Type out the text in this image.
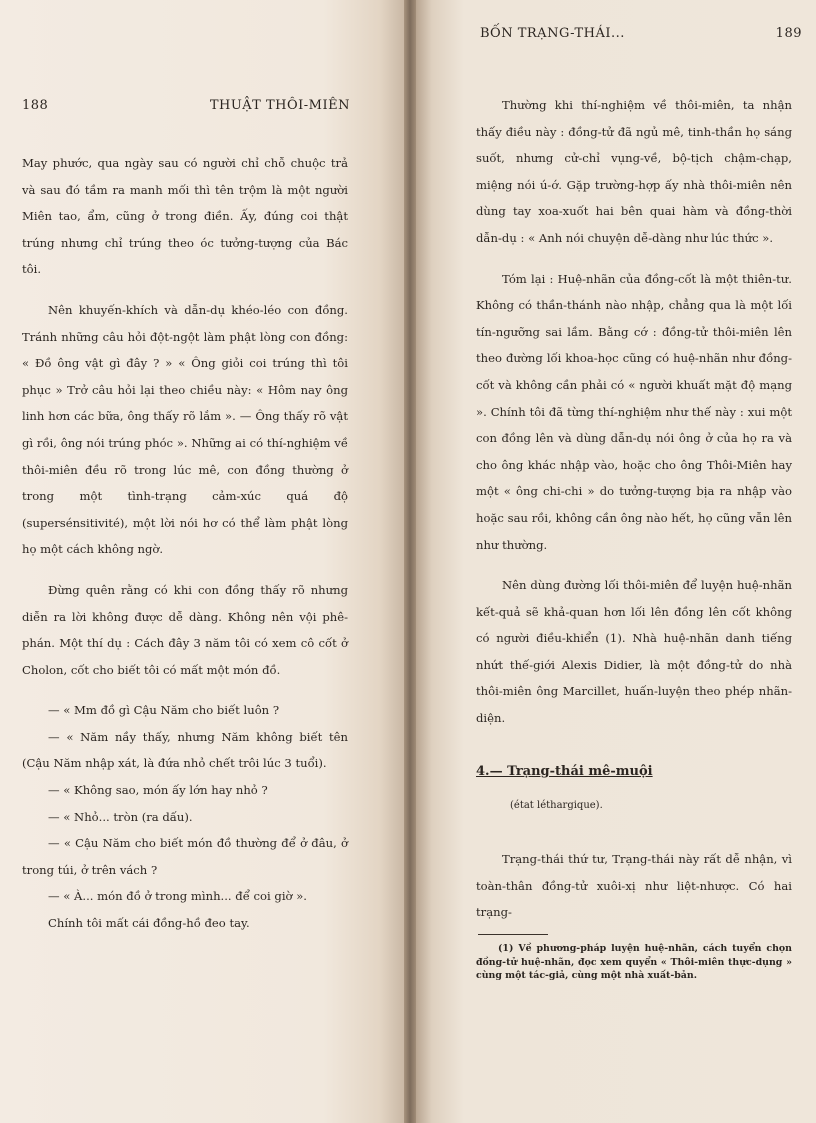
188	THUẬT THÔI-MIÊN

May phước, qua ngày sau có người chỉ chỗ chuộc trả và sau đó tầm ra manh mối thì tên trộm là một người Miên tao, ẩm, cũng ở trong điền. Ấy, đúng coi thật trúng nhưng chỉ trúng theo óc tưởng-tượng của Bác tôi.

Nên khuyến-khích và dẫn-dụ khéo-léo con đồng. Tránh những câu hỏi đột-ngột làm phật lòng con đồng: « Đồ ông vật gì đây ? » « Ông giỏi coi trúng thì tôi phục » Trở câu hỏi lại theo chiều này: « Hôm nay ông linh hơn các bữa, ông thấy rõ lắm ». — Ông thấy rõ vật gì rồi, ông nói trúng phóc ». Những ai có thí-nghiệm về thôi-miên đều rõ trong lúc mê, con đồng thường ở trong một tình-trạng cảm-xúc quá độ (supersénsitivité), một lời nói hơ có thể làm phật lòng họ một cách không ngờ.

Đừng quên rằng có khi con đồng thấy rõ nhưng diễn ra lời không được dễ dàng. Không nên vội phê-phán. Một thí dụ : Cách đây 3 năm tôi có xem cô cốt ở Cholon, cốt cho biết tôi có mất một món đồ.

— « Mm đồ gì Cậu Năm cho biết luôn ?

— « Năm nầy thấy, nhưng Năm không biết tên (Cậu Năm nhập xát, là đứa nhỏ chết trôi lúc 3 tuổi).

— « Không sao, món ấy lớn hay nhỏ ?

— « Nhỏ... tròn (ra dấu).

— « Cậu Năm cho biết món đồ thường để ở đâu, ở trong túi, ở trên vách ?

— « À... món đồ ở trong mình... để coi giờ ».

Chính tôi mất cái đồng-hồ đeo tay.

BỐN TRẠNG-THÁI...	189

Thường khi thí-nghiệm về thôi-miên, ta nhận thấy điều này : đồng-tử đã ngủ mê, tinh-thần họ sáng suốt, nhưng cử-chỉ vụng-về, bộ-tịch chậm-chạp, miệng nói ú-ớ. Gặp trường-hợp ấy nhà thôi-miên nên dùng tay xoa-xuốt hai bên quai hàm và đồng-thời dẫn-dụ : « Anh nói chuyện dễ-dàng như lúc thức ».

Tóm lại : Huệ-nhãn của đồng-cốt là một thiên-tư. Không có thần-thánh nào nhập, chẳng qua là một lối tín-ngưỡng sai lầm. Bằng cớ : đồng-tử thôi-miên lên theo đường lối khoa-học cũng có huệ-nhãn như đồng-cốt và không cần phải có « người khuất mặt độ mạng ». Chính tôi đã từng thí-nghiệm như thế này : xui một con đồng lên và dùng dẫn-dụ nói ông ở của họ ra và cho ông khác nhập vào, hoặc cho ông Thôi-Miên hay một « ông chi-chi » do tưởng-tượng bịa ra nhập vào hoặc sau rồi, không cần ông nào hết, họ cũng vẫn lên như thường.

Nên dùng đường lối thôi-miên để luyện huệ-nhãn kết-quả sẽ khả-quan hơn lối lên đồng lên cốt không có người điều-khiển (1). Nhà huệ-nhãn danh tiếng nhứt thế-giới Alexis Didier, là một đồng-tử do nhà thôi-miên ông Marcillet, huấn-luyện theo phép nhãn-diện.

4.— Trạng-thái mê-muội
(état léthargique).

Trạng-thái thứ tư, Trạng-thái này rất dễ nhận, vì toàn-thân đồng-tử xuôi-xị như liệt-nhược. Có hai trạng-

(1) Về phương-pháp luyện huệ-nhãn, cách tuyển chọn đồng-tử huệ-nhãn, đọc xem quyển « Thôi-miên thực-dụng » cùng một tác-giả, cùng một nhà xuất-bản.
